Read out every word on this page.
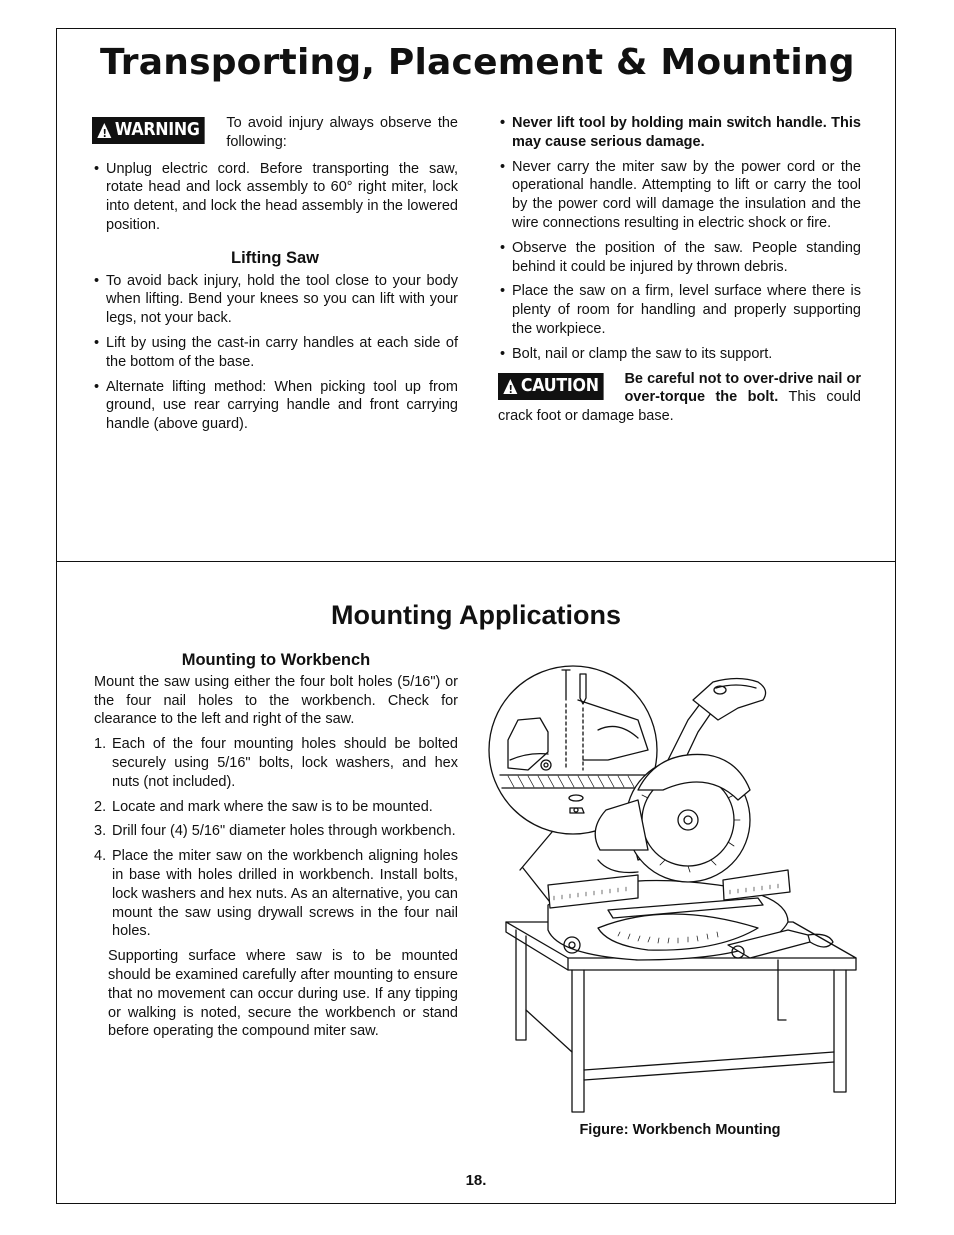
Transporting, Placement & Mounting
!
WARNING	To avoid injury always observe the following:

• Unplug electric cord. Before transporting the saw, rotate head and lock assembly to 60° right miter, lock into detent, and lock the head assembly in the lowered position.
Lifting Saw
• To avoid back injury, hold the tool close to your body when lifting. Bend your knees so you can lift with your legs, not your back.
• Lift by using the cast-in carry handles at each side of the bottom of the base.
• Alternate lifting method: When picking tool up from ground, use rear carrying handle and front carrying handle (above guard).
• Never lift tool by holding main switch handle. This may cause serious damage.
• Never carry the miter saw by the power cord or the operational handle. Attempting to lift or carry the tool by the power cord will damage the insulation and the wire connections resulting in electric shock or fire.
• Observe the position of the saw. People standing behind it could be injured by thrown debris.
• Place the saw on a firm, level surface where there is plenty of room for handling and properly supporting the workpiece.
• Bolt, nail or clamp the saw to its support.
!
CAUTION	Be careful not to over-drive nail or over-torque the bolt. This could crack foot or damage base.

Mounting Applications
Mounting to Workbench

Mount the saw using either the four bolt holes (5/16") or the four nail holes to the workbench. Check for clearance to the left and right of the saw.

1. Each of the four mounting holes should be bolted securely using 5/16" bolts, lock washers, and hex nuts (not included).
2. Locate and mark where the saw is to be mounted.
3. Drill four (4) 5/16" diameter holes through workbench.
4. Place the miter saw on the workbench aligning holes in base with holes drilled in workbench. Install bolts, lock washers and hex nuts. As an alternative, you can mount the saw using drywall screws in the four nail holes.

Supporting surface where saw is to be mounted should be examined carefully after mounting to ensure that no movement can occur during use. If any tipping or walking is noted, secure the workbench or stand before operating the compound miter saw.

Figure: Workbench Mounting
18.
